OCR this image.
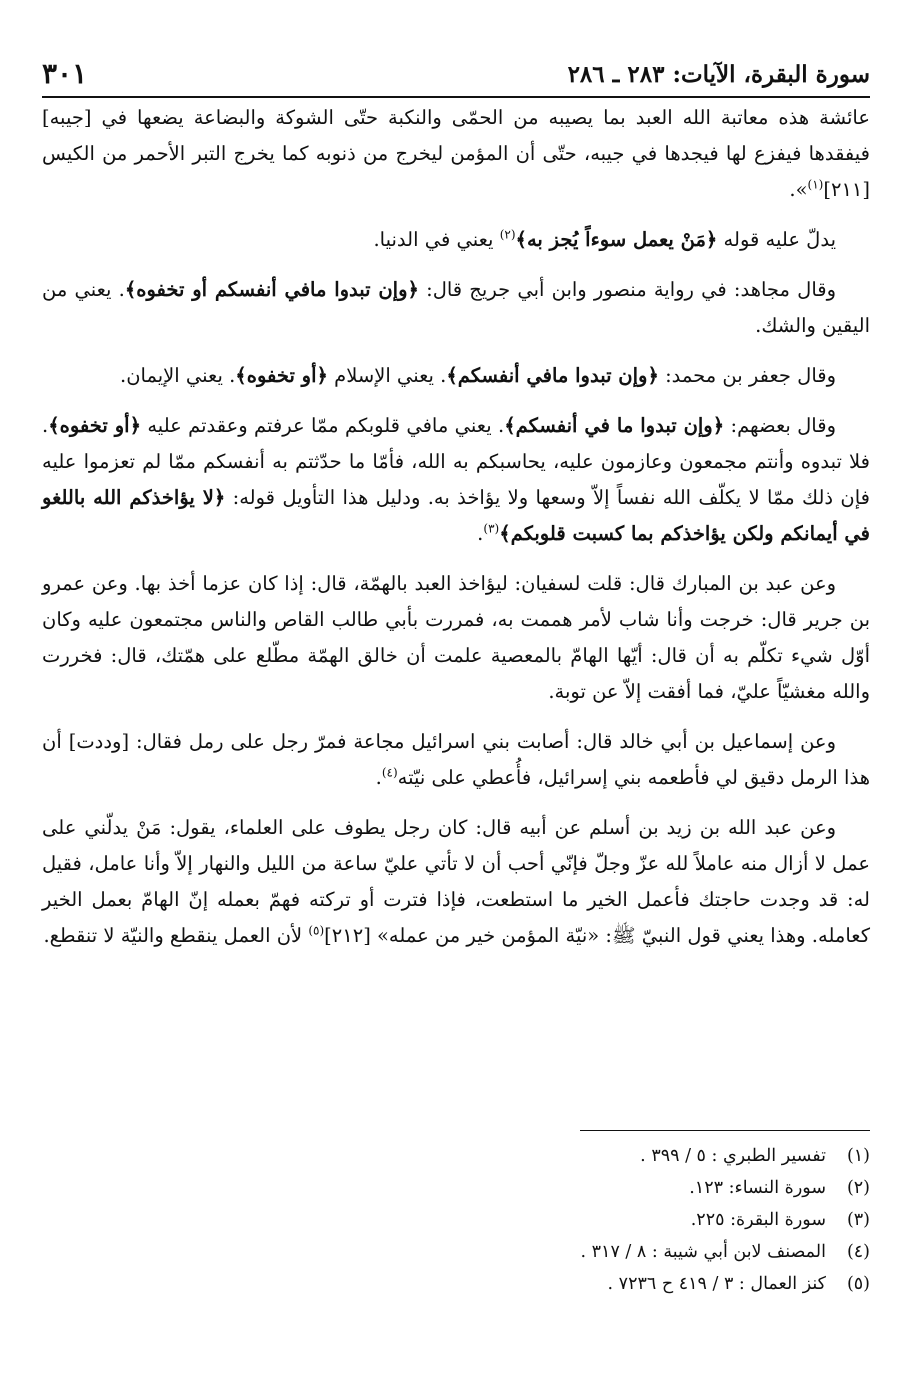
سورة البقرة، الآيات: ٢٨٣ ـ ٢٨٦
٣٠١

عائشة هذه معاتبة الله العبد بما يصيبه من الحمّى والنكبة حتّى الشوكة والبضاعة يضعها في [جيبه] فيفقدها فيفزع لها فيجدها في جيبه، حتّى أن المؤمن ليخرج من ذنوبه كما يخرج التبر الأحمر من الكيس [٢١١]$^{(١)}$».

يدلّ عليه قوله ﴿مَنْ يعمل سوءاً يُجز به﴾$^{(٢)}$ يعني في الدنيا.

وقال مجاهد: في رواية منصور وابن أبي جريج قال: ﴿وإن تبدوا مافي أنفسكم أو تخفوه﴾. يعني من اليقين والشك.

وقال جعفر بن محمد: ﴿وإن تبدوا مافي أنفسكم﴾. يعني الإسلام ﴿أو تخفوه﴾. يعني الإيمان.

وقال بعضهم: ﴿وإن تبدوا ما في أنفسكم﴾. يعني مافي قلوبكم ممّا عرفتم وعقدتم عليه ﴿أو تخفوه﴾. فلا تبدوه وأنتم مجمعون وعازمون عليه، يحاسبكم به الله، فأمّا ما حدّثتم به أنفسكم ممّا لم تعزموا عليه فإن ذلك ممّا لا يكلّف الله نفساً إلاّ وسعها ولا يؤاخذ به. ودليل هذا التأويل قوله: ﴿لا يؤاخذكم الله باللغو في أيمانكم ولكن يؤاخذكم بما كسبت قلوبكم﴾$^{(٣)}$.

وعن عبد بن المبارك قال: قلت لسفيان: ليؤاخذ العبد بالهمّة، قال: إذا كان عزما أخذ بها. وعن عمرو بن جرير قال: خرجت وأنا شاب لأمر هممت به، فمررت بأبي طالب القاص والناس مجتمعون عليه وكان أوّل شيء تكلّم به أن قال: أيّها الهامّ بالمعصية علمت أن خالق الهمّة مطّلع على همّتك، قال: فخررت والله مغشيّاً عليّ، فما أفقت إلاّ عن توبة.

وعن إسماعيل بن أبي خالد قال: أصابت بني اسرائيل مجاعة فمرّ رجل على رمل فقال: [وددت] أن هذا الرمل دقيق لي فأطعمه بني إسرائيل، فأُعطي على نيّته$^{(٤)}$.

وعن عبد الله بن زيد بن أسلم عن أبيه قال: كان رجل يطوف على العلماء، يقول: مَنْ يدلّني على عمل لا أزال منه عاملاً لله عزّ وجلّ فإنّي أحب أن لا تأتي عليّ ساعة من الليل والنهار إلاّ وأنا عامل، فقيل له: قد وجدت حاجتك فأعمل الخير ما استطعت، فإذا فترت أو تركته فهمّ بعمله إنّ الهامّ بعمل الخير كعامله. وهذا يعني قول النبيّ ﷺ: «نيّة المؤمن خير من عمله» [٢١٢]$^{(٥)}$ لأن العمل ينقطع والنيّة لا تنقطع.

(١)
تفسير الطبري : ٥ / ٣٩٩ .
(٢)
سورة النساء: ١٢٣.
(٣)
سورة البقرة: ٢٢٥.
(٤)
المصنف لابن أبي شيبة : ٨ / ٣١٧ .
(٥)
كنز العمال : ٣ / ٤١٩ ح ٧٢٣٦ .
